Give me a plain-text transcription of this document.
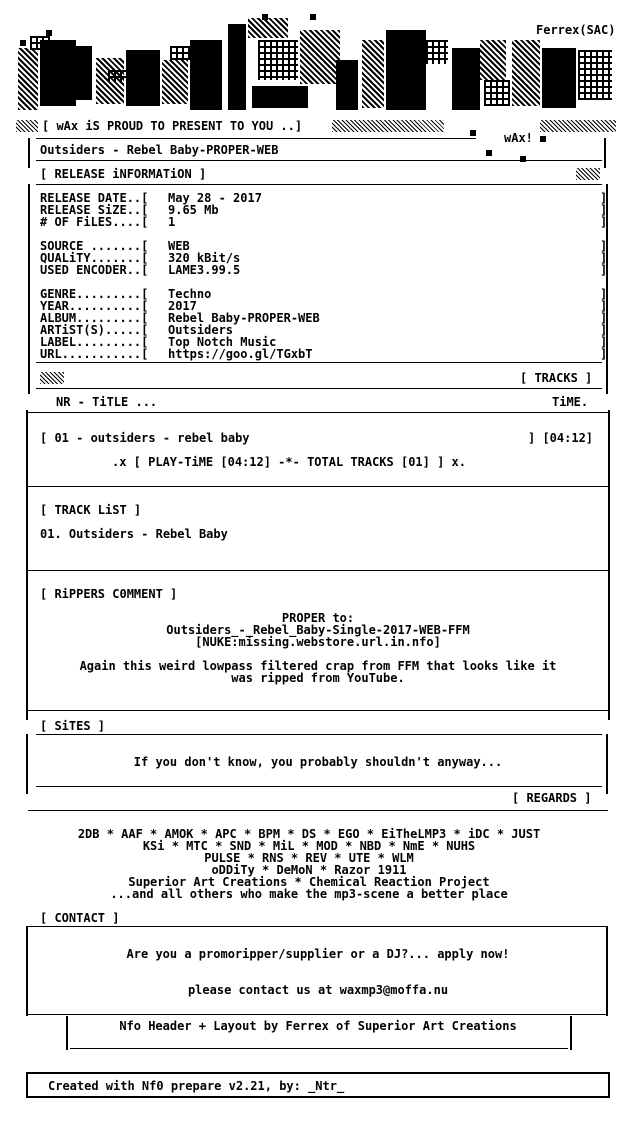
Ferrex(SAC)
[ wAx iS PROUD TO PRESENT TO YOU ..]
wAx!
Outsiders - Rebel Baby-PROPER-WEB
[ RELEASE iNFORMATiON ]
RELEASE DATE..[ May 28 - 2017
RELEASE SiZE..[ 9.65 Mb
# OF FiLES....[ 1
SOURCE .......[ WEB
QUALiTY.......[ 320 kBit/s
USED ENCODER..[ LAME3.99.5
GENRE.........[ Techno
YEAR..........[ 2017
ALBUM.........[ Rebel Baby-PROPER-WEB
ARTiST(S).....[ Outsiders
LABEL.........[ Top Notch Music
URL...........[ https://goo.gl/TGxbT
]
]
]
]
]
]
]
]
]
]
]
]
[ TRACKS ]
NR - TiTLE ...	TiME.
[ 01 - outsiders - rebel baby	] [04:12]
.x [ PLAY-TiME [04:12] -*- TOTAL TRACKS [01] ] x.
[ TRACK LiST ]
01. Outsiders - Rebel Baby
[ RiPPERS C0MMENT ]
PROPER to:
Outsiders_-_Rebel_Baby-Single-2017-WEB-FFM
[NUKE:missing.webstore.url.in.nfo]
Again this weird lowpass filtered crap from FFM that looks like it
was ripped from YouTube.
[ SiTES ]
If you don't know, you probably shouldn't anyway...
[ REGARDS ]
2DB * AAF * AMOK * APC * BPM * DS * EGO * EiTheLMP3 * iDC * JUST
KSi * MTC * SND * MiL * MOD * NBD * NmE * NUHS
PULSE * RNS * REV * UTE * WLM
oDDiTy * DeMoN * Razor 1911
Superior Art Creations * Chemical Reaction Project
...and all others who make the mp3-scene a better place
[ CONTACT ]
Are you a promoripper/supplier or a DJ?... apply now!
please contact us at waxmp3@moffa.nu
Nfo Header + Layout by Ferrex of Superior Art Creations
Created with Nf0 prepare v2.21, by: _Ntr_
